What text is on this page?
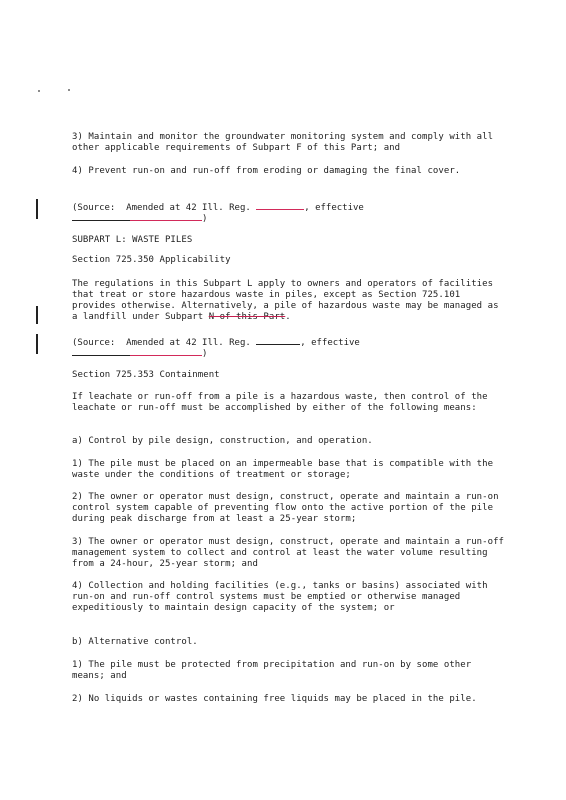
3) Maintain and monitor the groundwater monitoring system and comply with all other applicable requirements of Subpart F of this Part; and
4) Prevent run-on and run-off from eroding or damaging the final cover.
(Source:  Amended at 42 Ill. Reg.	, effective
)
SUBPART L: WASTE PILES
Section 725.350 Applicability
The regulations in this Subpart L apply to owners and operators of facilities that treat or store hazardous waste in piles, except as Section 725.101 provides otherwise. Alternatively, a pile of hazardous waste may be managed as a landfill under Subpart N of this Part.
(Source:  Amended at 42 Ill. Reg.	, effective
)
Section 725.353 Containment
If leachate or run-off from a pile is a hazardous waste, then control of the leachate or run-off must be accomplished by either of the following means:
a) Control by pile design, construction, and operation.
1) The pile must be placed on an impermeable base that is compatible with the waste under the conditions of treatment or storage;
2) The owner or operator must design, construct, operate and maintain a run-on control system capable of preventing flow onto the active portion of the pile during peak discharge from at least a 25-year storm;
3) The owner or operator must design, construct, operate and maintain a run-off management system to collect and control at least the water volume resulting from a 24-hour, 25-year storm; and
4) Collection and holding facilities (e.g., tanks or basins) associated with run-on and run-off control systems must be emptied or otherwise managed expeditiously to maintain design capacity of the system; or
b) Alternative control.
1) The pile must be protected from precipitation and run-on by some other means; and
2) No liquids or wastes containing free liquids may be placed in the pile.
